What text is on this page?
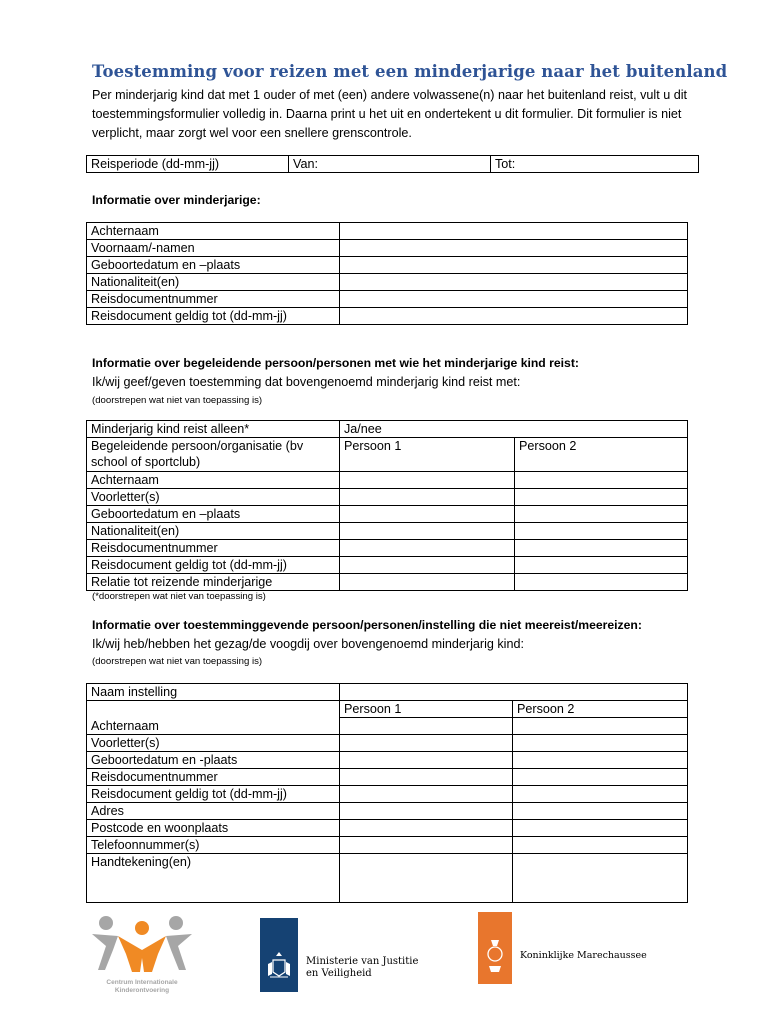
Toestemming voor reizen met een minderjarige naar het buitenland

Per minderjarig kind dat met 1 ouder of met (een) andere volwassene(n) naar het buitenland reist, vult u dit toestemmingsformulier volledig in. Daarna print u het uit en ondertekent u dit formulier. Dit formulier is niet verplicht, maar zorgt wel voor een snellere grenscontrole.

Reisperiode (dd-mm-jj)	Van:	Tot:

Informatie over minderjarige:

Achternaam	
Voornaam/-namen	
Geboortedatum en –plaats	
Nationaliteit(en)	
Reisdocumentnummer	
Reisdocument geldig tot (dd-mm-jj)	

Informatie over begeleidende persoon/personen met wie het minderjarige kind reist:

Ik/wij geef/geven toestemming dat bovengenoemd minderjarig kind reist met:

(doorstrepen wat niet van toepassing is)

Minderjarig kind reist alleen*	Ja/nee	
Begeleidende persoon/organisatie (bv school of sportclub)	Persoon 1	Persoon 2
Achternaam		
Voorletter(s)		
Geboortedatum en –plaats		
Nationaliteit(en)		
Reisdocumentnummer		
Reisdocument geldig tot (dd-mm-jj)		
Relatie tot reizende minderjarige		

(*doorstrepen wat niet van toepassing is)

Informatie over toestemminggevende persoon/personen/instelling die niet meereist/meereizen:

Ik/wij heb/hebben het gezag/de voogdij over bovengenoemd minderjarig kind:

(doorstrepen wat niet van toepassing is)

Naam instelling		
	Persoon 1	Persoon 2
Achternaam		
Voorletter(s)		
Geboortedatum en -plaats		
Reisdocumentnummer		
Reisdocument geldig tot (dd-mm-jj)		
Adres		
Postcode en woonplaats		
Telefoonnummer(s)		
Handtekening(en)		
Centrum Internationale
Kinderontvoering
Ministerie van Justitie
en Veiligheid
Koninklijke Marechaussee
